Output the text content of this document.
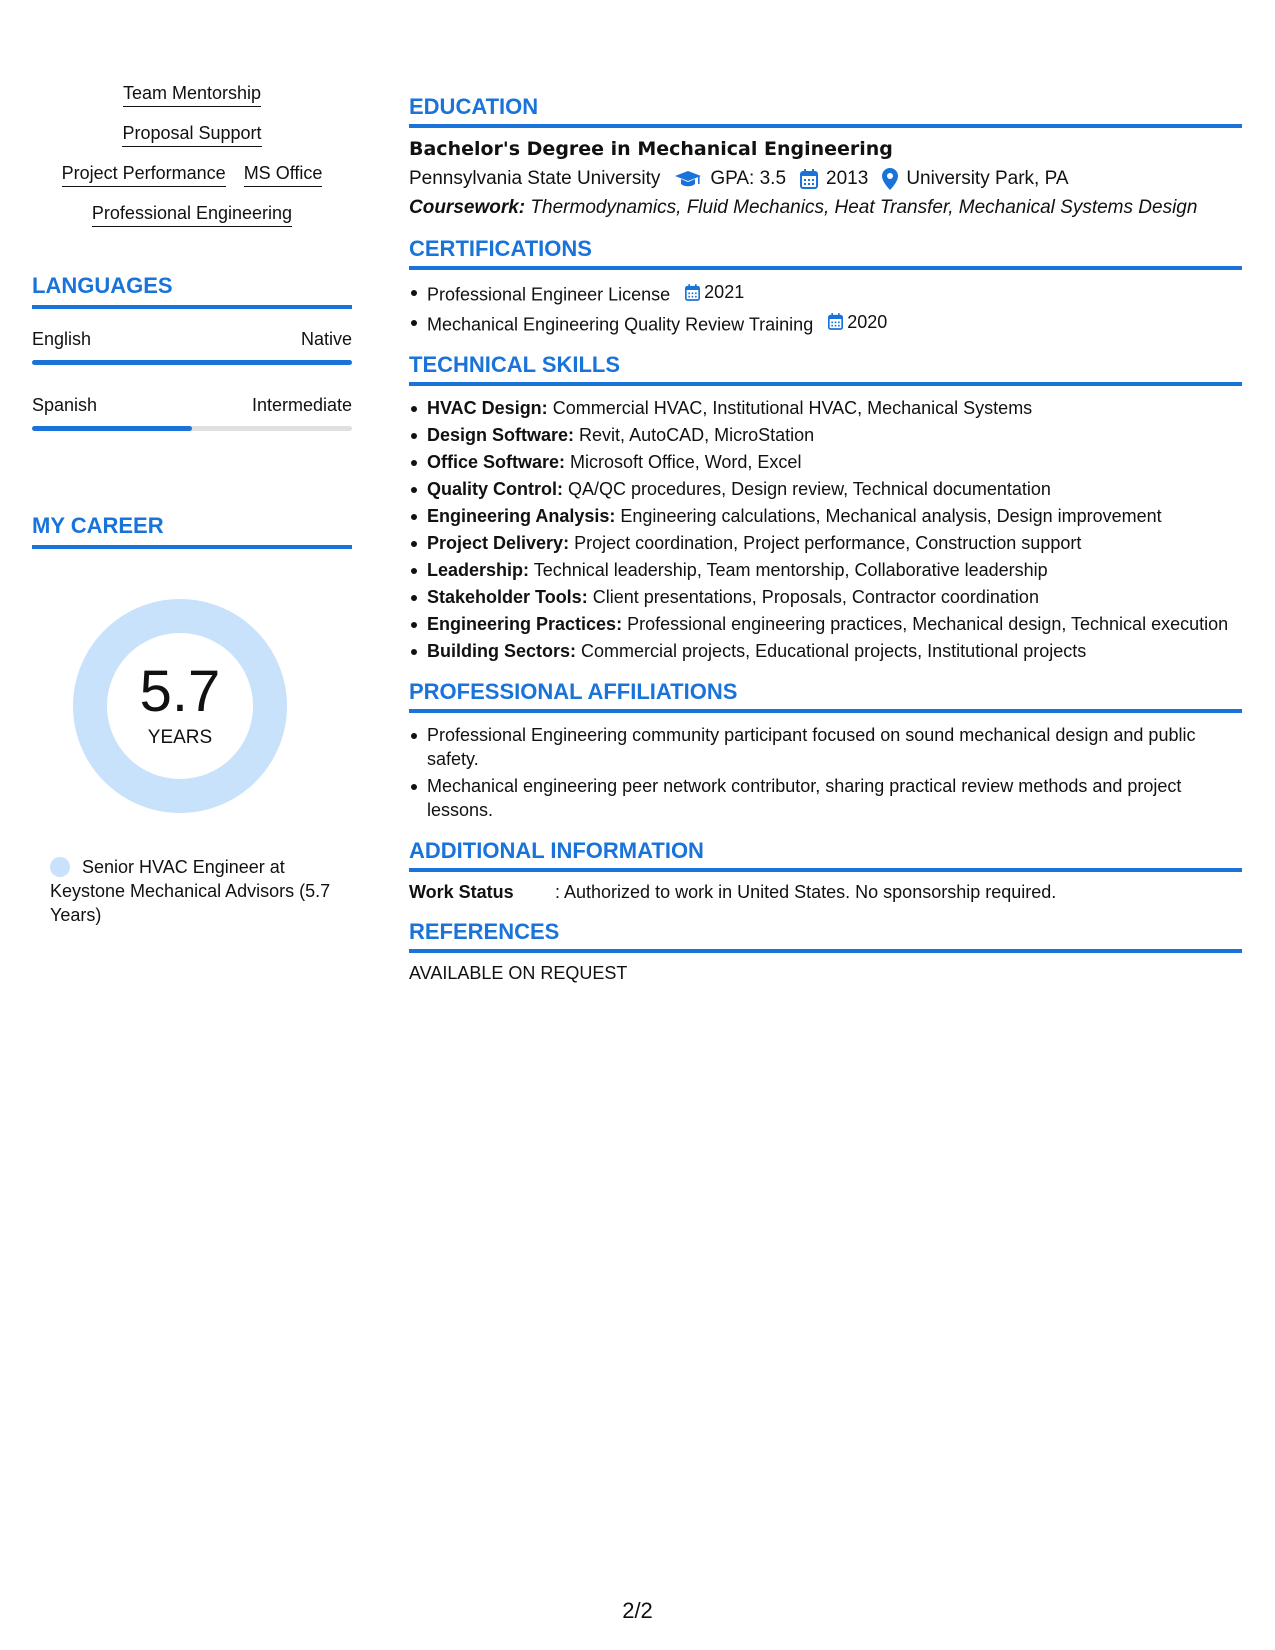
Team Mentorship
Proposal Support
Project Performance MS Office
Professional Engineering
LANGUAGES
English	Native
Spanish	Intermediate
MY CAREER
5.7
YEARS
Senior HVAC Engineer at Keystone Mechanical Advisors (5.7 Years)
EDUCATION
Bachelor's Degree in Mechanical Engineering
Pennsylvania State University	GPA: 3.5 2013 University Park, PA
Coursework: Thermodynamics, Fluid Mechanics, Heat Transfer, Mechanical Systems Design
CERTIFICATIONS
Professional Engineer License 2021
Mechanical Engineering Quality Review Training 2020
TECHNICAL SKILLS
HVAC Design: Commercial HVAC, Institutional HVAC, Mechanical Systems
Design Software: Revit, AutoCAD, MicroStation
Office Software: Microsoft Office, Word, Excel
Quality Control: QA/QC procedures, Design review, Technical documentation
Engineering Analysis: Engineering calculations, Mechanical analysis, Design improvement
Project Delivery: Project coordination, Project performance, Construction support
Leadership: Technical leadership, Team mentorship, Collaborative leadership
Stakeholder Tools: Client presentations, Proposals, Contractor coordination
Engineering Practices: Professional engineering practices, Mechanical design, Technical execution
Building Sectors: Commercial projects, Educational projects, Institutional projects
PROFESSIONAL AFFILIATIONS
Professional Engineering community participant focused on sound mechanical design and public safety.
Mechanical engineering peer network contributor, sharing practical review methods and project lessons.
ADDITIONAL INFORMATION
Work Status	: Authorized to work in United States. No sponsorship required.
REFERENCES
AVAILABLE ON REQUEST
2/2
